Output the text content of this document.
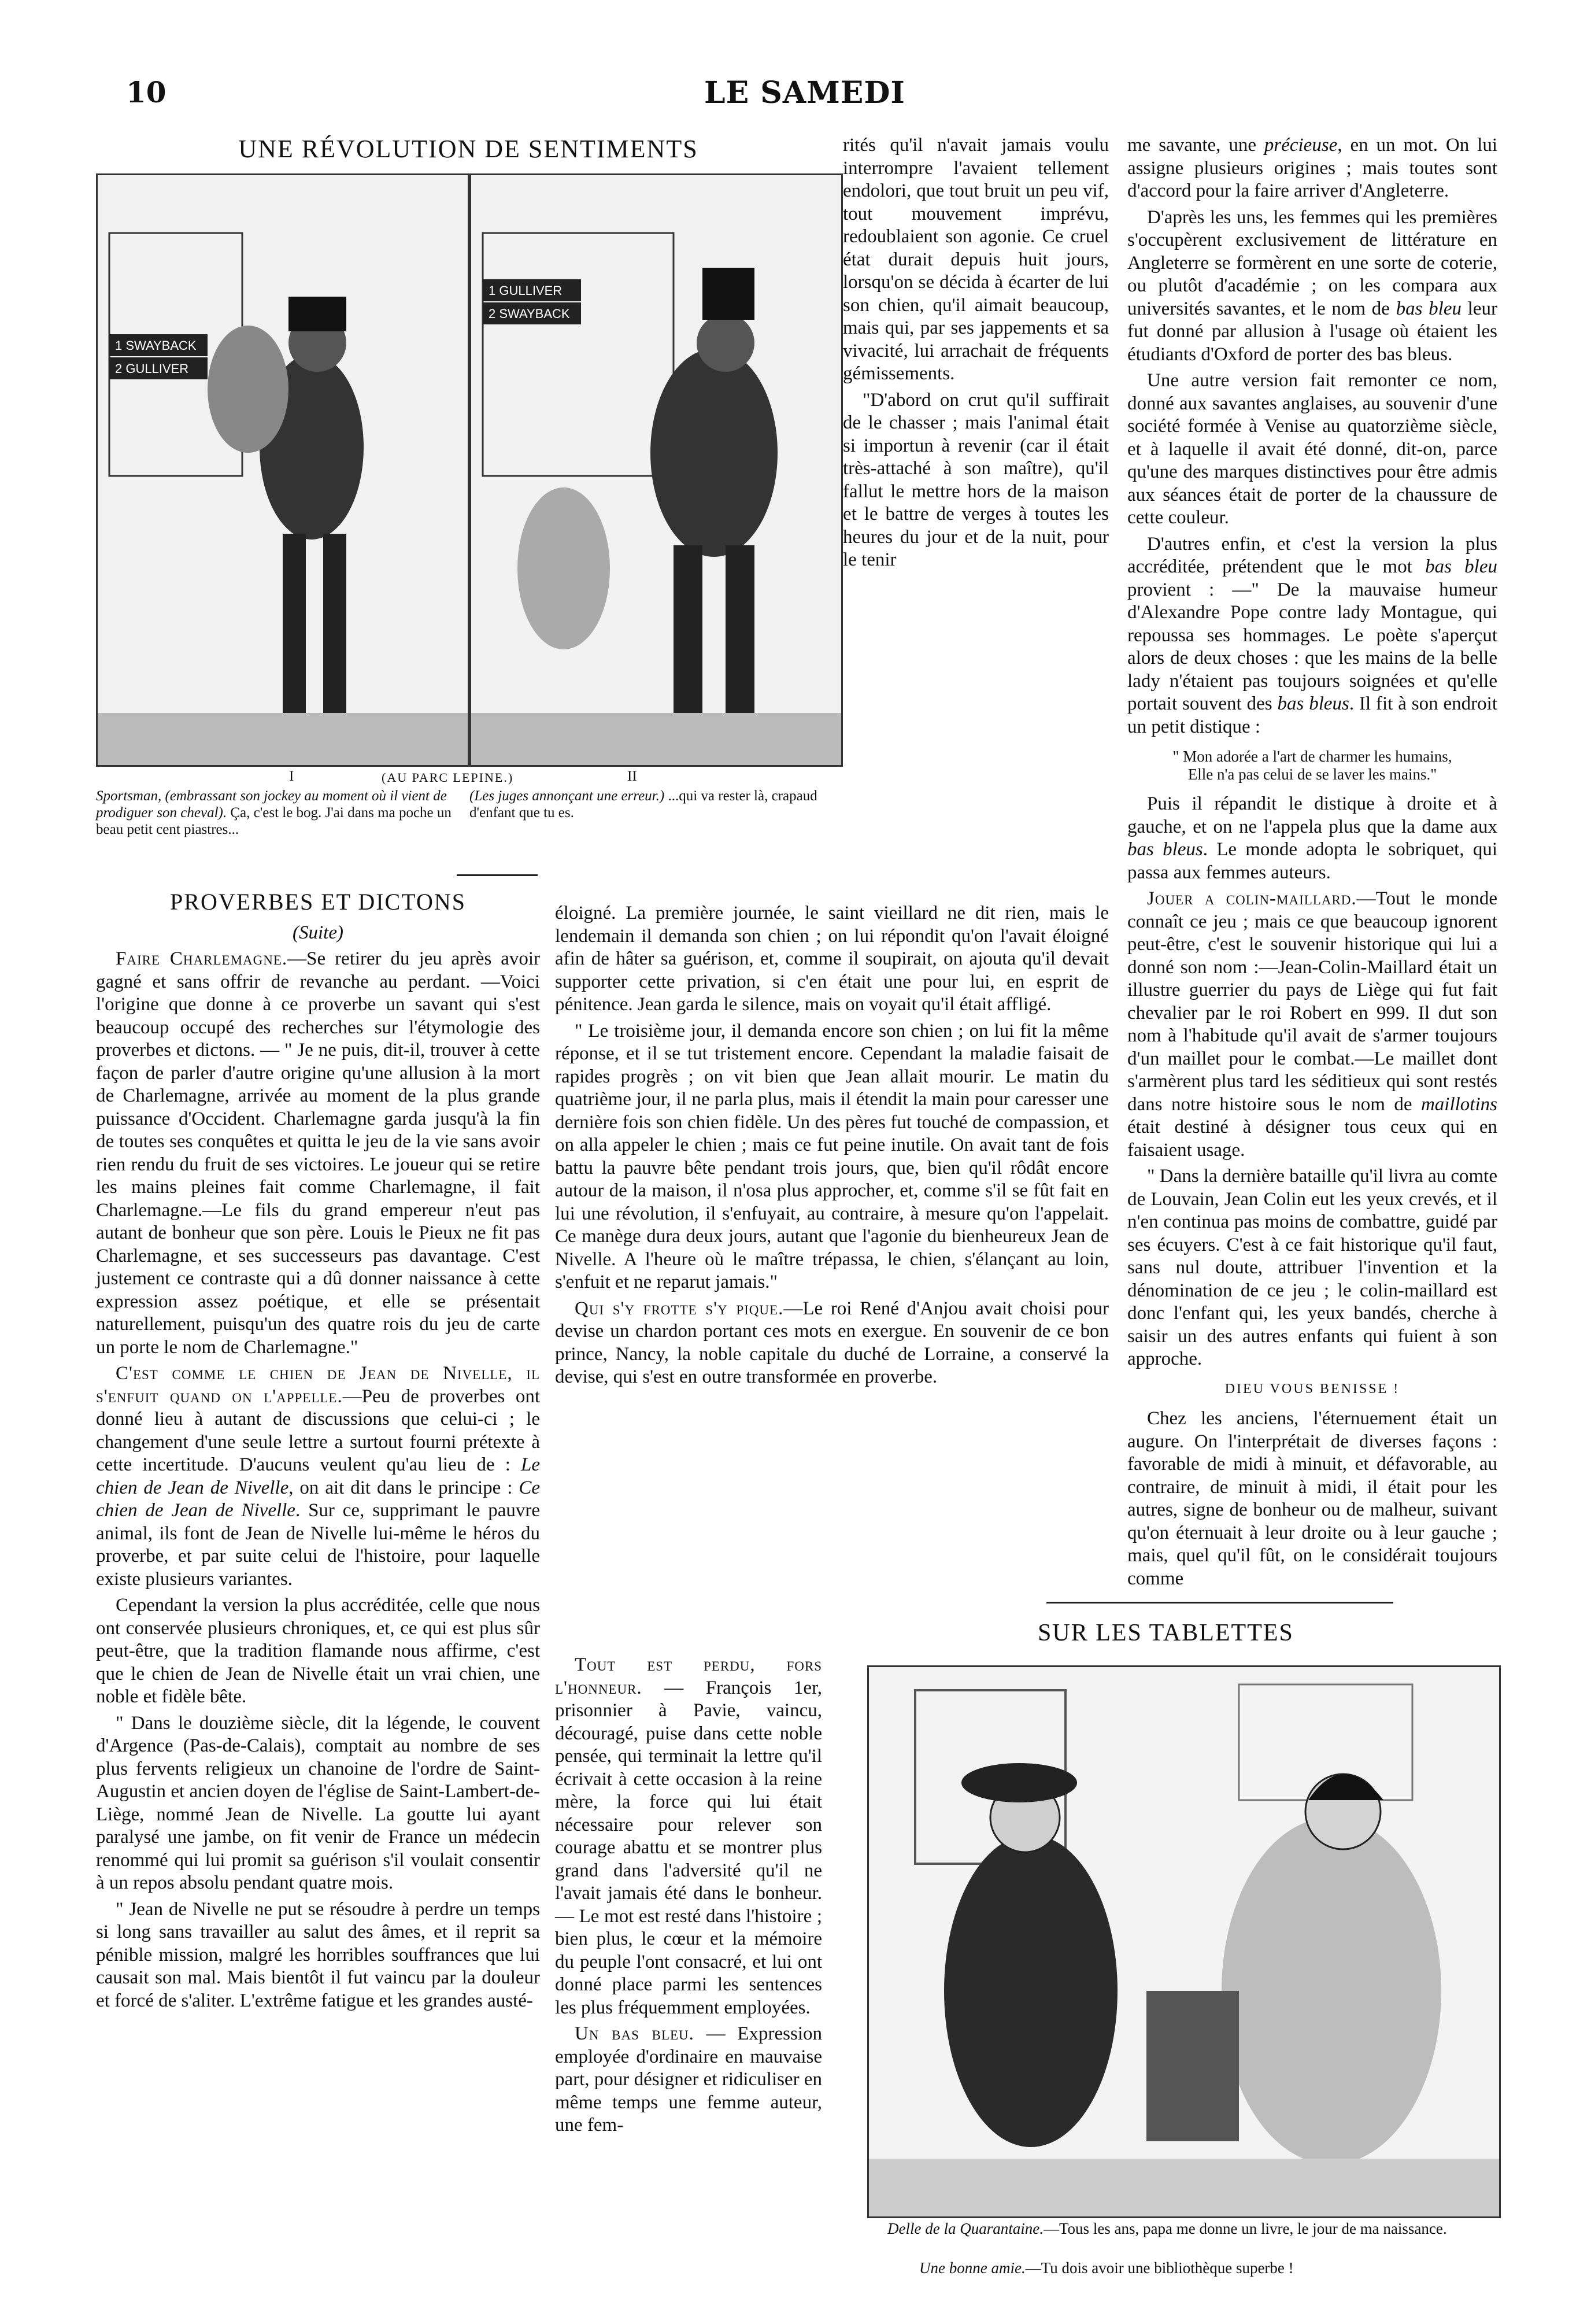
10	LE SAMEDI
UNE RÉVOLUTION DE SENTIMENTS
1 SWAYBACK
2 GULLIVER
1 GULLIVER
2 SWAYBACK
I	(AU PARC LEPINE.)	II
Sportsman, (embrassant son jockey au moment où il vient de prodiguer son cheval). Ça, c'est le bog. J'ai dans ma poche un beau petit cent piastres...
(Les juges annonçant une erreur.) ...qui va rester là, crapaud d'enfant que tu es.
PROVERBES ET DICTONS
(Suite)

Faire Charlemagne.—Se retirer du jeu après avoir gagné et sans offrir de revanche au perdant. —Voici l'origine que donne à ce proverbe un savant qui s'est beaucoup occupé des recherches sur l'étymologie des proverbes et dictons. — " Je ne puis, dit-il, trouver à cette façon de parler d'autre origine qu'une allusion à la mort de Charlemagne, arrivée au moment de la plus grande puissance d'Occident. Charlemagne garda jusqu'à la fin de toutes ses conquêtes et quitta le jeu de la vie sans avoir rien rendu du fruit de ses victoires. Le joueur qui se retire les mains pleines fait comme Charlemagne, il fait Charlemagne.—Le fils du grand empereur n'eut pas autant de bonheur que son père. Louis le Pieux ne fit pas Charlemagne, et ses successeurs pas davantage. C'est justement ce contraste qui a dû donner naissance à cette expression assez poétique, et elle se présentait naturellement, puisqu'un des quatre rois du jeu de carte un porte le nom de Charlemagne."

C'est comme le chien de Jean de Nivelle, il s'enfuit quand on l'appelle.—Peu de proverbes ont donné lieu à autant de discussions que celui-ci ; le changement d'une seule lettre a surtout fourni prétexte à cette incertitude. D'aucuns veulent qu'au lieu de : Le chien de Jean de Nivelle, on ait dit dans le principe : Ce chien de Jean de Nivelle. Sur ce, supprimant le pauvre animal, ils font de Jean de Nivelle lui-même le héros du proverbe, et par suite celui de l'histoire, pour laquelle existe plusieurs variantes.

Cependant la version la plus accréditée, celle que nous ont conservée plusieurs chroniques, et, ce qui est plus sûr peut-être, que la tradition flamande nous affirme, c'est que le chien de Jean de Nivelle était un vrai chien, une noble et fidèle bête.

" Dans le douzième siècle, dit la légende, le couvent d'Argence (Pas-de-Calais), comptait au nombre de ses plus fervents religieux un chanoine de l'ordre de Saint-Augustin et ancien doyen de l'église de Saint-Lambert-de-Liège, nommé Jean de Nivelle. La goutte lui ayant paralysé une jambe, on fit venir de France un médecin renommé qui lui promit sa guérison s'il voulait consentir à un repos absolu pendant quatre mois.

" Jean de Nivelle ne put se résoudre à perdre un temps si long sans travailler au salut des âmes, et il reprit sa pénible mission, malgré les horribles souffrances que lui causait son mal. Mais bientôt il fut vaincu par la douleur et forcé de s'aliter. L'extrême fatigue et les grandes austé-

rités qu'il n'avait jamais voulu interrompre l'avaient tellement endolori, que tout bruit un peu vif, tout mouvement imprévu, redoublaient son agonie. Ce cruel état durait depuis huit jours, lorsqu'on se décida à écarter de lui son chien, qu'il aimait beaucoup, mais qui, par ses jappements et sa vivacité, lui arrachait de fréquents gémissements.

"D'abord on crut qu'il suffirait de le chasser ; mais l'animal était si importun à revenir (car il était très-attaché à son maître), qu'il fallut le mettre hors de la maison et le battre de verges à toutes les heures du jour et de la nuit, pour le tenir

éloigné. La première journée, le saint vieillard ne dit rien, mais le lendemain il demanda son chien ; on lui répondit qu'on l'avait éloigné afin de hâter sa guérison, et, comme il soupirait, on ajouta qu'il devait supporter cette privation, si c'en était une pour lui, en esprit de pénitence. Jean garda le silence, mais on voyait qu'il était affligé.

" Le troisième jour, il demanda encore son chien ; on lui fit la même réponse, et il se tut tristement encore. Cependant la maladie faisait de rapides progrès ; on vit bien que Jean allait mourir. Le matin du quatrième jour, il ne parla plus, mais il étendit la main pour caresser une dernière fois son chien fidèle. Un des pères fut touché de compassion, et on alla appeler le chien ; mais ce fut peine inutile. On avait tant de fois battu la pauvre bête pendant trois jours, que, bien qu'il rôdât encore autour de la maison, il n'osa plus approcher, et, comme s'il se fût fait en lui une révolution, il s'enfuyait, au contraire, à mesure qu'on l'appelait. Ce manège dura deux jours, autant que l'agonie du bienheureux Jean de Nivelle. A l'heure où le maître trépassa, le chien, s'élançant au loin, s'enfuit et ne reparut jamais."

Qui s'y frotte s'y pique.—Le roi René d'Anjou avait choisi pour devise un chardon portant ces mots en exergue. En souvenir de ce bon prince, Nancy, la noble capitale du duché de Lorraine, a conservé la devise, qui s'est en outre transformée en proverbe.

Tout est perdu, fors l'honneur. — François 1er, prisonnier à Pavie, vaincu, découragé, puise dans cette noble pensée, qui terminait la lettre qu'il écrivait à cette occasion à la reine mère, la force qui lui était nécessaire pour relever son courage abattu et se montrer plus grand dans l'adversité qu'il ne l'avait jamais été dans le bonheur. — Le mot est resté dans l'histoire ; bien plus, le cœur et la mémoire du peuple l'ont consacré, et lui ont donné place parmi les sentences les plus fréquemment employées.

Un bas bleu. — Expression employée d'ordinaire en mauvaise part, pour désigner et ridiculiser en même temps une femme auteur, une fem-

me savante, une précieuse, en un mot. On lui assigne plusieurs origines ; mais toutes sont d'accord pour la faire arriver d'Angleterre.

D'après les uns, les femmes qui les premières s'occupèrent exclusivement de littérature en Angleterre se formèrent en une sorte de coterie, ou plutôt d'académie ; on les compara aux universités savantes, et le nom de bas bleu leur fut donné par allusion à l'usage où étaient les étudiants d'Oxford de porter des bas bleus.

Une autre version fait remonter ce nom, donné aux savantes anglaises, au souvenir d'une société formée à Venise au quatorzième siècle, et à laquelle il avait été donné, dit-on, parce qu'une des marques distinctives pour être admis aux séances était de porter de la chaussure de cette couleur.

D'autres enfin, et c'est la version la plus accréditée, prétendent que le mot bas bleu provient : —" De la mauvaise humeur d'Alexandre Pope contre lady Montague, qui repoussa ses hommages. Le poète s'aperçut alors de deux choses : que les mains de la belle lady n'étaient pas toujours soignées et qu'elle portait souvent des bas bleus. Il fit à son endroit un petit distique :

" Mon adorée a l'art de charmer les humains,
Elle n'a pas celui de se laver les mains."

Puis il répandit le distique à droite et à gauche, et on ne l'appela plus que la dame aux bas bleus. Le monde adopta le sobriquet, qui passa aux femmes auteurs.

Jouer a colin-maillard.—Tout le monde connaît ce jeu ; mais ce que beaucoup ignorent peut-être, c'est le souvenir historique qui lui a donné son nom :—Jean-Colin-Maillard était un illustre guerrier du pays de Liège qui fut fait chevalier par le roi Robert en 999. Il dut son nom à l'habitude qu'il avait de s'armer toujours d'un maillet pour le combat.—Le maillet dont s'armèrent plus tard les séditieux qui sont restés dans notre histoire sous le nom de maillotins était destiné à désigner tous ceux qui en faisaient usage.

" Dans la dernière bataille qu'il livra au comte de Louvain, Jean Colin eut les yeux crevés, et il n'en continua pas moins de combattre, guidé par ses écuyers. C'est à ce fait historique qu'il faut, sans nul doute, attribuer l'invention et la dénomination de ce jeu ; le colin-maillard est donc l'enfant qui, les yeux bandés, cherche à saisir un des autres enfants qui fuient à son approche.

DIEU VOUS BENISSE !

Chez les anciens, l'éternuement était un augure. On l'interprétait de diverses façons : favorable de midi à minuit, et défavorable, au contraire, de minuit à midi, il était pour les autres, signe de bonheur ou de malheur, suivant qu'on éternuait à leur droite ou à leur gauche ; mais, quel qu'il fût, on le considérait toujours comme

SUR LES TABLETTES
Delle de la Quarantaine.—Tous les ans, papa me donne un livre, le jour de ma naissance.
Une bonne amie.—Tu dois avoir une bibliothèque superbe !
